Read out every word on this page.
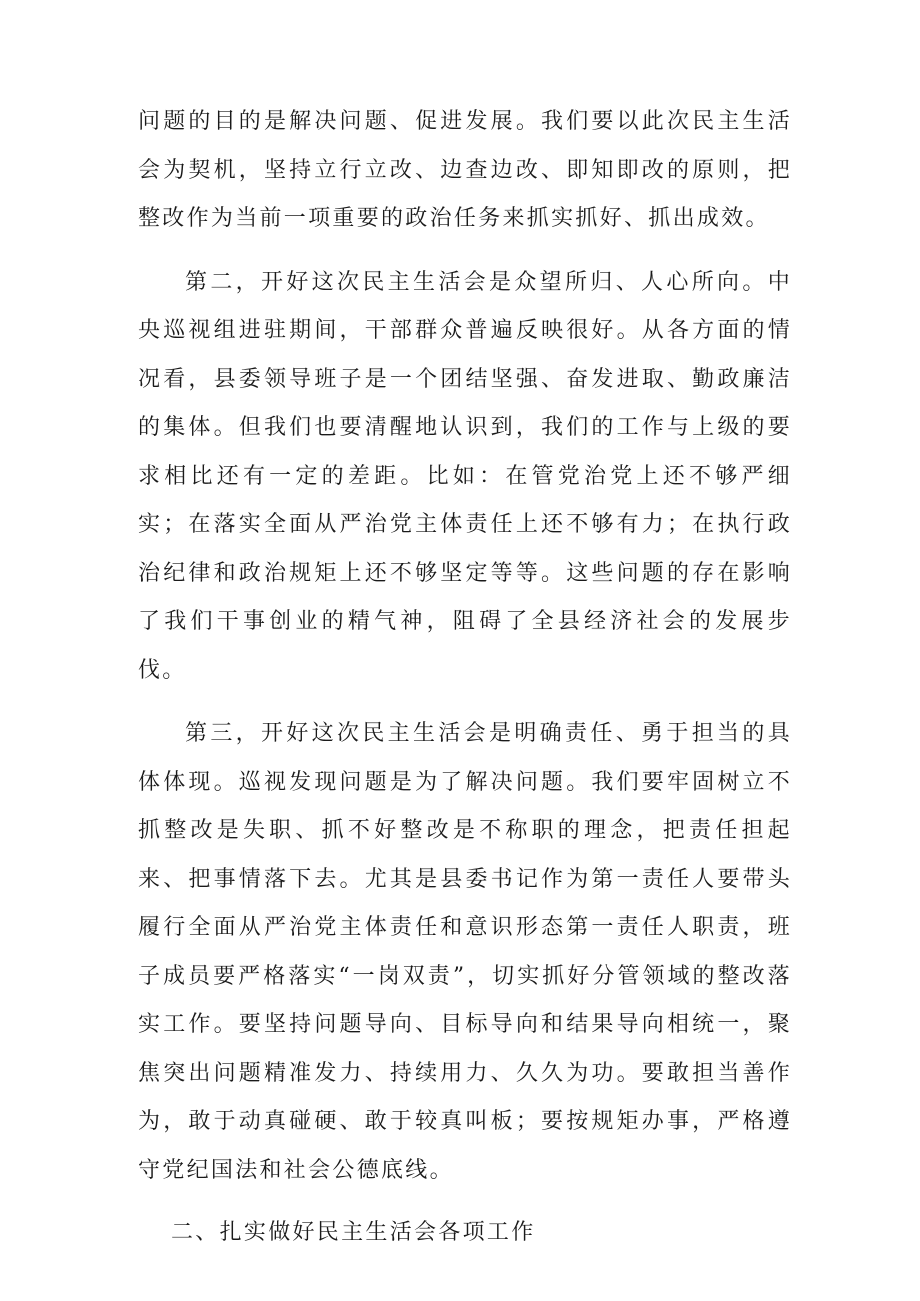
问题的目的是解决问题、促进发展。我们要以此次民主生活会为契机，坚持立行立改、边查边改、即知即改的原则，把整改作为当前一项重要的政治任务来抓实抓好、抓出成效。

第二，开好这次民主生活会是众望所归、人心所向。中央巡视组进驻期间，干部群众普遍反映很好。从各方面的情况看，县委领导班子是一个团结坚强、奋发进取、勤政廉洁的集体。但我们也要清醒地认识到，我们的工作与上级的要求相比还有一定的差距。比如：在管党治党上还不够严细实；在落实全面从严治党主体责任上还不够有力；在执行政治纪律和政治规矩上还不够坚定等等。这些问题的存在影响了我们干事创业的精气神，阻碍了全县经济社会的发展步伐。

第三，开好这次民主生活会是明确责任、勇于担当的具体体现。巡视发现问题是为了解决问题。我们要牢固树立不抓整改是失职、抓不好整改是不称职的理念，把责任担起来、把事情落下去。尤其是县委书记作为第一责任人要带头履行全面从严治党主体责任和意识形态第一责任人职责，班子成员要严格落实“一岗双责”，切实抓好分管领域的整改落实工作。要坚持问题导向、目标导向和结果导向相统一，聚焦突出问题精准发力、持续用力、久久为功。要敢担当善作为，敢于动真碰硬、敢于较真叫板；要按规矩办事，严格遵守党纪国法和社会公德底线。

二、扎实做好民主生活会各项工作
